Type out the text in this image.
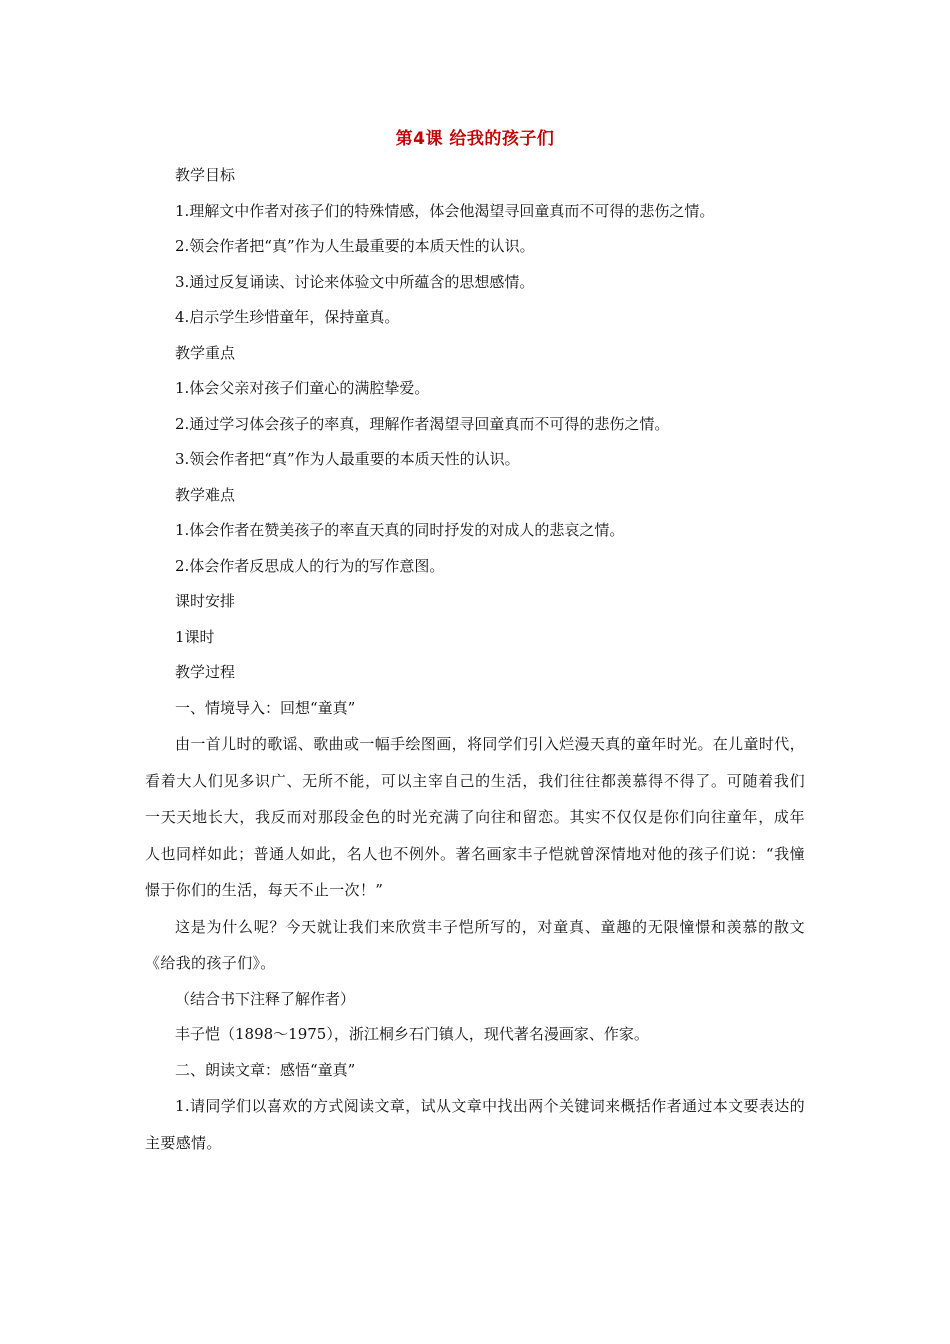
第4课 给我的孩子们

教学目标

1.理解文中作者对孩子们的特殊情感，体会他渴望寻回童真而不可得的悲伤之情。

2.领会作者把“真”作为人生最重要的本质天性的认识。

3.通过反复诵读、讨论来体验文中所蕴含的思想感情。

4.启示学生珍惜童年，保持童真。

教学重点

1.体会父亲对孩子们童心的满腔挚爱。

2.通过学习体会孩子的率真，理解作者渴望寻回童真而不可得的悲伤之情。

3.领会作者把“真”作为人最重要的本质天性的认识。

教学难点

1.体会作者在赞美孩子的率直天真的同时抒发的对成人的悲哀之情。

2.体会作者反思成人的行为的写作意图。

课时安排

1课时

教学过程

一、情境导入：回想“童真”

由一首儿时的歌谣、歌曲或一幅手绘图画，将同学们引入烂漫天真的童年时光。在儿童时代，看着大人们见多识广、无所不能，可以主宰自己的生活，我们往往都羡慕得不得了。可随着我们一天天地长大，我反而对那段金色的时光充满了向往和留恋。其实不仅仅是你们向往童年，成年人也同样如此；普通人如此，名人也不例外。著名画家丰子恺就曾深情地对他的孩子们说：“我憧憬于你们的生活，每天不止一次！”

这是为什么呢？今天就让我们来欣赏丰子恺所写的，对童真、童趣的无限憧憬和羡慕的散文《给我的孩子们》。

（结合书下注释了解作者）

丰子恺（1898～1975），浙江桐乡石门镇人，现代著名漫画家、作家。

二、朗读文章：感悟“童真”

1.请同学们以喜欢的方式阅读文章，试从文章中找出两个关键词来概括作者通过本文要表达的主要感情。
